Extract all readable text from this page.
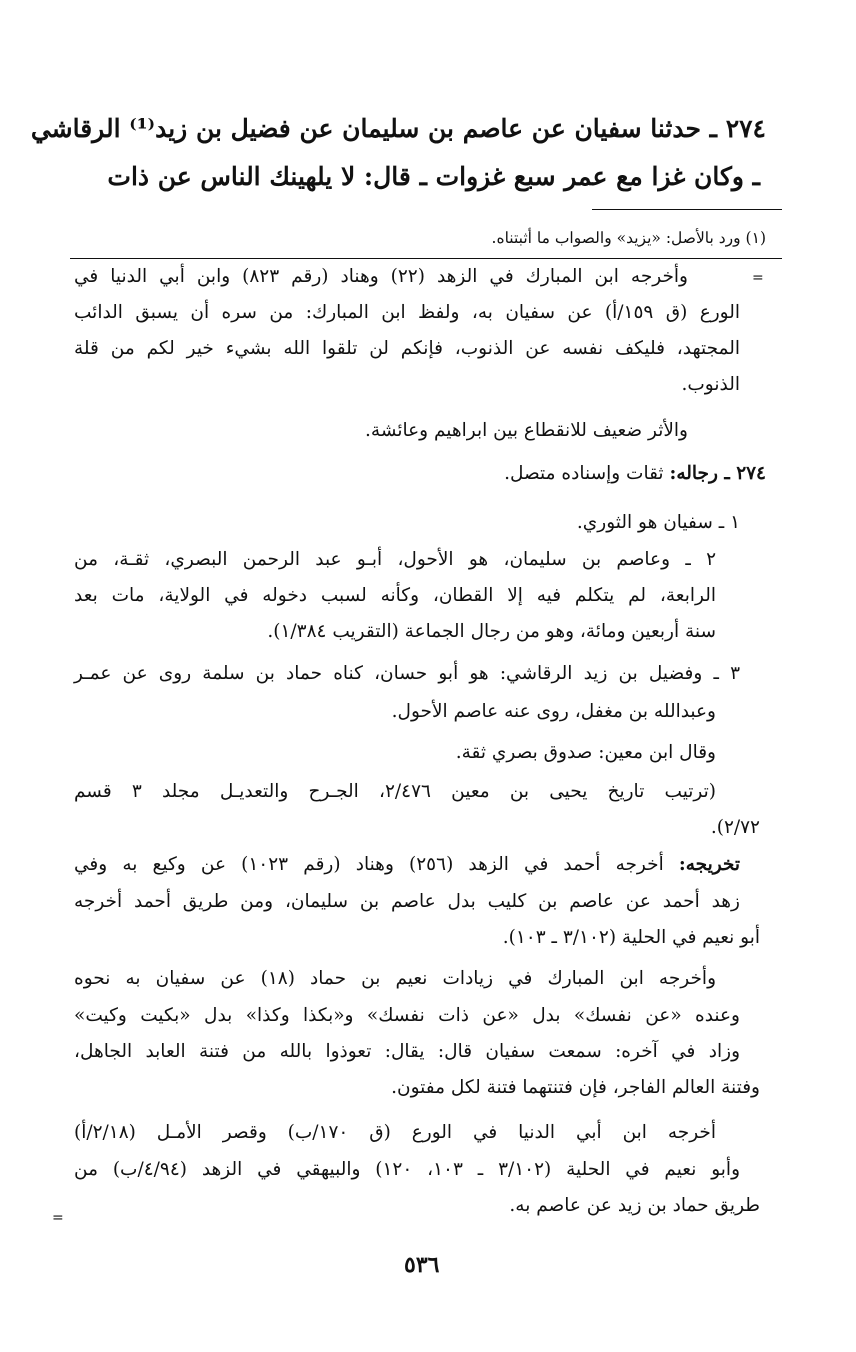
٢٧٤ ـ حدثنا سفيان عن عاصم بن سليمان عن فضيل بن زيد⁽¹⁾ الرقاشي
ـ وكان غزا مع عمر سبع غزوات ـ قال: لا يلهينك الناس عن ذات
(١) ورد بالأصل: «يزيد» والصواب ما أثبتناه.
=
وأخرجه ابن المبارك في الزهد (٢٢) وهناد (رقم ٨٢٣) وابن أبي الدنيا في
الورع (ق ١٥٩/أ) عن سفيان به، ولفظ ابن المبارك: من سره أن يسبق الدائب
المجتهد، فليكف نفسه عن الذنوب، فإنكم لن تلقوا الله بشيء خير لكم من قلة
الذنوب.
والأثر ضعيف للانقطاع بين ابراهيم وعائشة.
٢٧٤ ـ رجاله: ثقات وإسناده متصل.
١ ـ سفيان هو الثوري.
٢ ـ وعاصم بن سليمان، هو الأحول، أبـو عبد الرحمن البصري، ثقـة، من
الرابعة، لم يتكلم فيه إلا القطان، وكأنه لسبب دخوله في الولاية، مات بعد
سنة أربعين ومائة، وهو من رجال الجماعة (التقريب ١/٣٨٤).
٣ ـ وفضيل بن زيد الرقاشي: هو أبو حسان، كناه حماد بن سلمة روى عن عمـر
وعبدالله بن مغفل، روى عنه عاصم الأحول.
وقال ابن معين: صدوق بصري ثقة.
(ترتيب تاريخ يحيى بن معين ٢/٤٧٦، الجـرح والتعديـل مجلد ٣ قسم
٢/٧٢).
تخريجه: أخرجه أحمد في الزهد (٢٥٦) وهناد (رقم ١٠٢٣) عن وكيع به وفي
زهد أحمد عن عاصم بن كليب بدل عاصم بن سليمان، ومن طريق أحمد أخرجه
أبو نعيم في الحلية (٣/١٠٢ ـ ١٠٣).
وأخرجه ابن المبارك في زيادات نعيم بن حماد (١٨) عن سفيان به نحوه
وعنده «عن نفسك» بدل «عن ذات نفسك» و«بكذا وكذا» بدل «بكيت وكيت»
وزاد في آخره: سمعت سفيان قال: يقال: تعوذوا بالله من فتنة العابد الجاهل،
وفتنة العالم الفاجر، فإن فتنتهما فتنة لكل مفتون.
أخرجه ابن أبي الدنيا في الورع (ق ١٧٠/ب) وقصر الأمـل (٢/١٨/أ)
وأبو نعيم في الحلية (٣/١٠٢ ـ ١٠٣، ١٢٠) والبيهقي في الزهد (٤/٩٤/ب) من
طريق حماد بن زيد عن عاصم به.
=
٥٣٦
